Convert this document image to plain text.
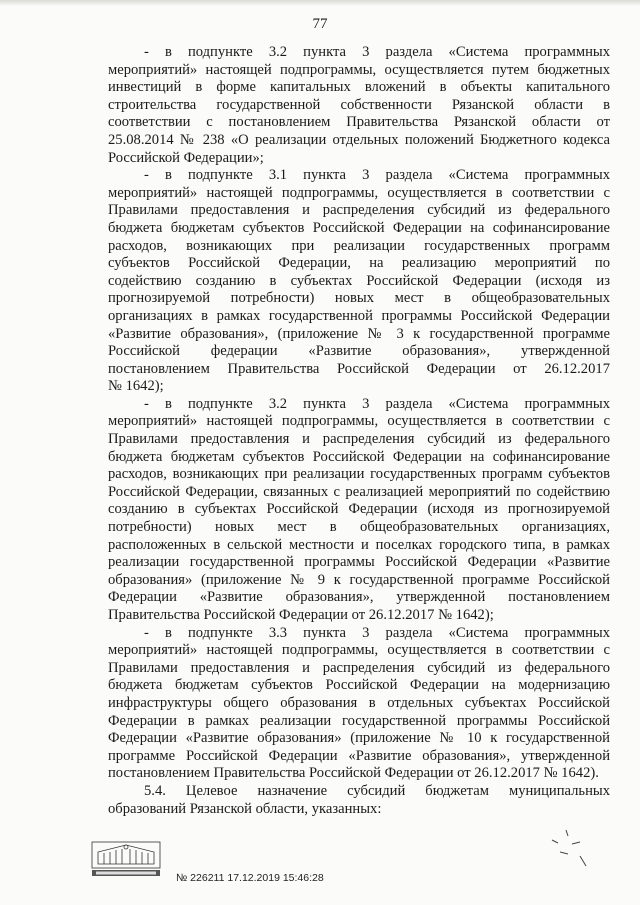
77
- в подпункте 3.2 пункта 3 раздела «Система программных
мероприятий» настоящей подпрограммы, осуществляется путем бюджетных
инвестиций в форме капитальных вложений в объекты капитального
строительства государственной собственности Рязанской области в
соответствии с постановлением Правительства Рязанской области от
25.08.2014 № 238 «О реализации отдельных положений Бюджетного кодекса
Российской Федерации»;
- в подпункте 3.1 пункта 3 раздела «Система программных
мероприятий» настоящей подпрограммы, осуществляется в соответствии с
Правилами предоставления и распределения субсидий из федерального
бюджета бюджетам субъектов Российской Федерации на софинансирование
расходов, возникающих при реализации государственных программ
субъектов Российской Федерации, на реализацию мероприятий по
содействию созданию в субъектах Российской Федерации (исходя из
прогнозируемой потребности) новых мест в общеобразовательных
организациях в рамках государственной программы Российской Федерации
«Развитие образования», (приложение № 3 к государственной программе
Российской федерации «Развитие образования», утвержденной
постановлением Правительства Российской Федерации от 26.12.2017
№ 1642);
- в подпункте 3.2 пункта 3 раздела «Система программных
мероприятий» настоящей подпрограммы, осуществляется в соответствии с
Правилами предоставления и распределения субсидий из федерального
бюджета бюджетам субъектов Российской Федерации на софинансирование
расходов, возникающих при реализации государственных программ субъектов
Российской Федерации, связанных с реализацией мероприятий по содействию
созданию в субъектах Российской Федерации (исходя из прогнозируемой
потребности) новых мест в общеобразовательных организациях,
расположенных в сельской местности и поселках городского типа, в рамках
реализации государственной программы Российской Федерации «Развитие
образования» (приложение № 9 к государственной программе Российской
Федерации «Развитие образования», утвержденной постановлением
Правительства Российской Федерации от 26.12.2017 № 1642);
- в подпункте 3.3 пункта 3 раздела «Система программных
мероприятий» настоящей подпрограммы, осуществляется в соответствии с
Правилами предоставления и распределения субсидий из федерального
бюджета бюджетам субъектов Российской Федерации на модернизацию
инфраструктуры общего образования в отдельных субъектах Российской
Федерации в рамках реализации государственной программы Российской
Федерации «Развитие образования» (приложение № 10 к государственной
программе Российской Федерации «Развитие образования», утвержденной
постановлением Правительства Российской Федерации от 26.12.2017 № 1642).
5.4. Целевое назначение субсидий бюджетам муниципальных
образований Рязанской области, указанных:
№ 226211 17.12.2019 15:46:28
